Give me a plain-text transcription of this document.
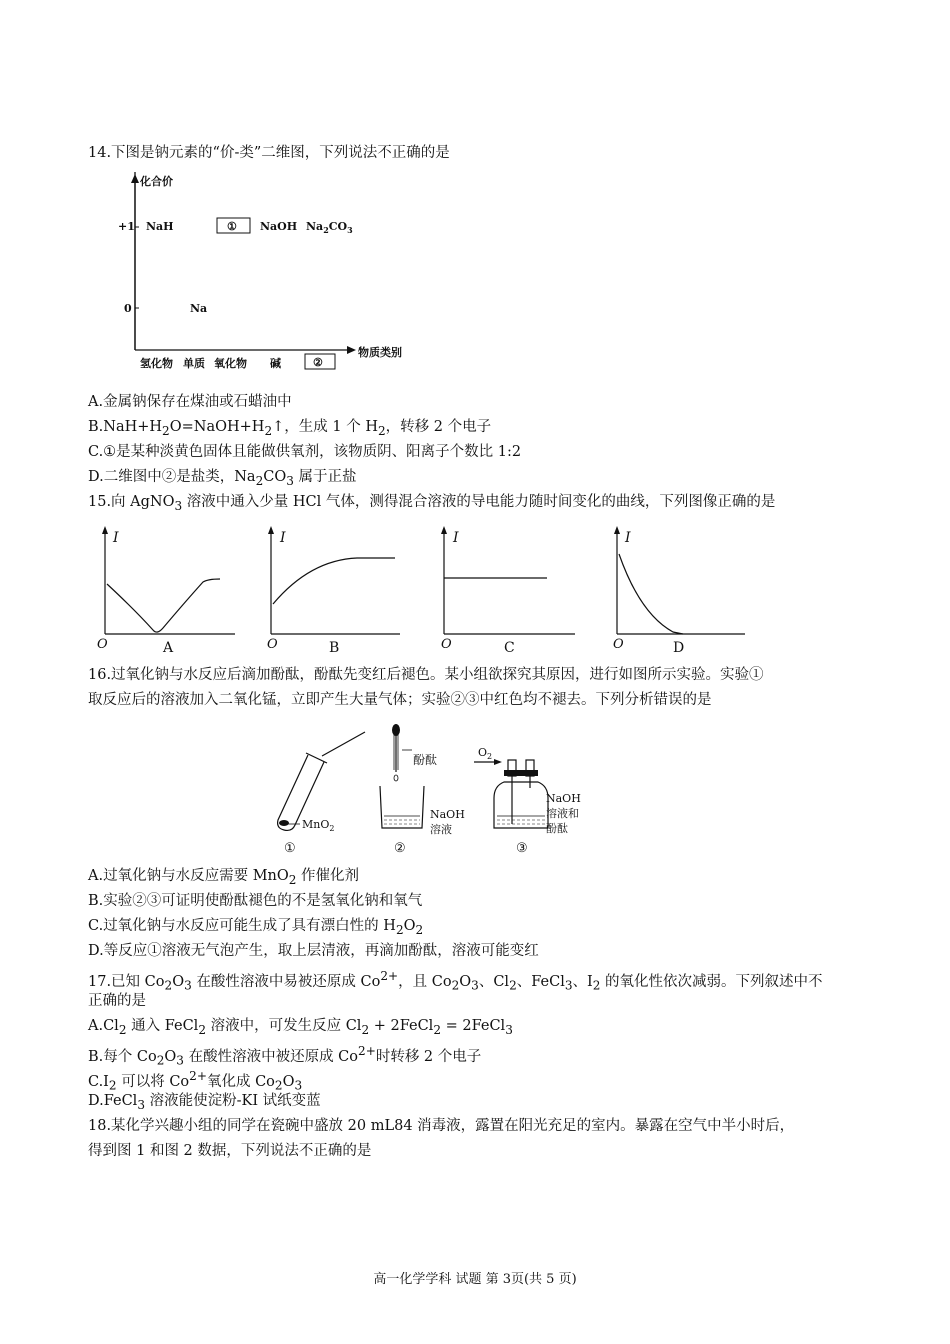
14.下图是钠元素的“价-类”二维图，下列说法不正确的是
化合价
物质类别
+1
0
NaH	① NaOH $Na_2CO_3$
Na
氢化物 单质 氧化物 碱	②
A.金属钠保存在煤油或石蜡油中
$B.NaH+H_2O=NaOH+H_2↑$，生成 1 个 $H_2$，转移 2 个电子
C.①是某种淡黄色固体且能做供氧剂，该物质阴、阳离子个数比 1:2
D.二维图中②是盐类，$Na_2CO_3$ 属于正盐
15.向 AgNO$_3$ 溶液中通入少量 HCl 气体，测得混合溶液的导电能力随时间变化的曲线，下列图像正确的是
I
O	A
I
O	B
I
O	C
I
O	D
16.过氧化钠与水反应后滴加酚酞，酚酞先变红后褪色。某小组欲探究其原因，进行如图所示实验。实验①
取反应后的溶液加入二氧化锰，立即产生大量气体；实验②③中红色均不褪去。下列分析错误的是
MnO$_2$
①
酚酞
NaOH
溶液
②
$O_2$
NaOH
溶液和
酚酞
③
A.过氧化钠与水反应需要 MnO$_2$ 作催化剂
B.实验②③可证明使酚酞褪色的不是氢氧化钠和氧气
C.过氧化钠与水反应可能生成了具有漂白性的 $H_2O_2$
D.等反应①溶液无气泡产生，取上层清液，再滴加酚酞，溶液可能变红
17.已知 $Co_2O_3$ 在酸性溶液中易被还原成 $Co^{2+}$，且 $Co_2O_3$、$Cl_2$、FeCl$_3$、$I_2$ 的氧化性依次减弱。下列叙述中不
正确的是
$A.Cl_2$ 通入 FeCl$_2$ 溶液中，可发生反应 $Cl_2$ + 2FeCl$_2$ = 2FeCl$_3$
B.每个 $Co_2O_3$ 在酸性溶液中被还原成 $Co^{2+}$时转移 2 个电子
$C.I_2$ 可以将 $Co^{2+}$氧化成 $Co_2O_3$
D.FeCl$_3$ 溶液能使淀粉-KI 试纸变蓝
18.某化学兴趣小组的同学在瓷碗中盛放 20 mL84 消毒液，露置在阳光充足的室内。暴露在空气中半小时后，
得到图 1 和图 2 数据，下列说法不正确的是
高一化学学科 试题 第 3页(共 5 页)
